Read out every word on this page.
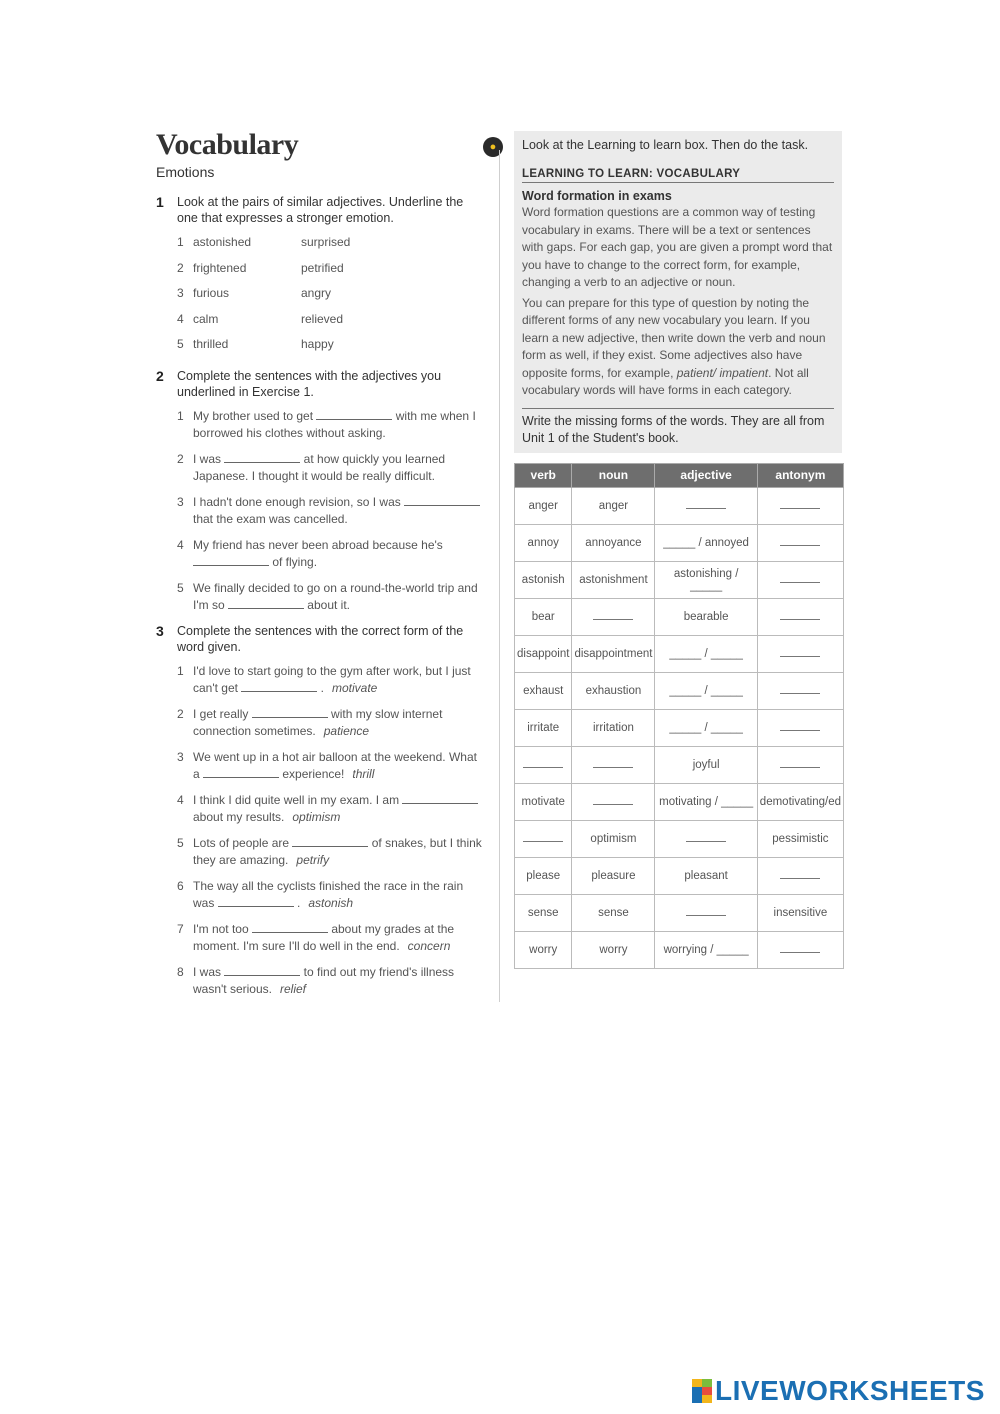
Vocabulary
Emotions
1 Look at the pairs of similar adjectives. Underline the one that expresses a stronger emotion.
1 astonished	surprised
2 frightened	petrified
3 furious	angry
4 calm	relieved
5 thrilled	happy
2 Complete the sentences with the adjectives you underlined in Exercise 1.
1 My brother used to get	with me when I borrowed his clothes without asking.
2 I was	at how quickly you learned Japanese. I thought it would be really difficult.
3 I hadn't done enough revision, so I was  that the exam was cancelled.
4 My friend has never been abroad because he's  of flying.
5 We finally decided to go on a round-the-world trip and I'm so	about it.
3 Complete the sentences with the correct form of the word given.
1 I'd love to start going to the gym after work, but I just can't get	. motivate
2 I get really	with my slow internet connection sometimes. patience
3 We went up in a hot air balloon at the weekend. What a	experience! thrill
4 I think I did quite well in my exam. I am  about my results. optimism
5 Lots of people are	of snakes, but I think they are amazing. petrify
6 The way all the cyclists finished the race in the rain was	. astonish
7 I'm not too	about my grades at the moment. I'm sure I'll do well in the end. concern
8 I was	to find out my friend's illness wasn't serious. relief
●	Look at the Learning to learn box. Then do the task.
LEARNING TO LEARN: VOCABULARY
Word formation in exams

Word formation questions are a common way of testing vocabulary in exams. There will be a text or sentences with gaps. For each gap, you are given a prompt word that you have to change to the correct form, for example, changing a verb to an adjective or noun.

You can prepare for this type of question by noting the different forms of any new vocabulary you learn. If you learn a new adjective, then write down the verb and noun form as well, if they exist. Some adjectives also have opposite forms, for example, patient/ impatient. Not all vocabulary words will have forms in each category.

Write the missing forms of the words. They are all from Unit 1 of the Student's book.
verb	noun	adjective	antonym
anger	anger		
annoy	annoyance	_____ / annoyed	
astonish	astonishment	astonishing / _____	
bear		bearable	
disappoint	disappointment	_____ / _____	
exhaust	exhaustion	_____ / _____	
irritate	irritation	_____ / _____	
		joyful	
motivate		motivating / _____	demotivating/ed
	optimism		pessimistic
please	pleasure	pleasant	
sense	sense		insensitive
worry	worry	worrying / _____	
LIVEWORKSHEETS
